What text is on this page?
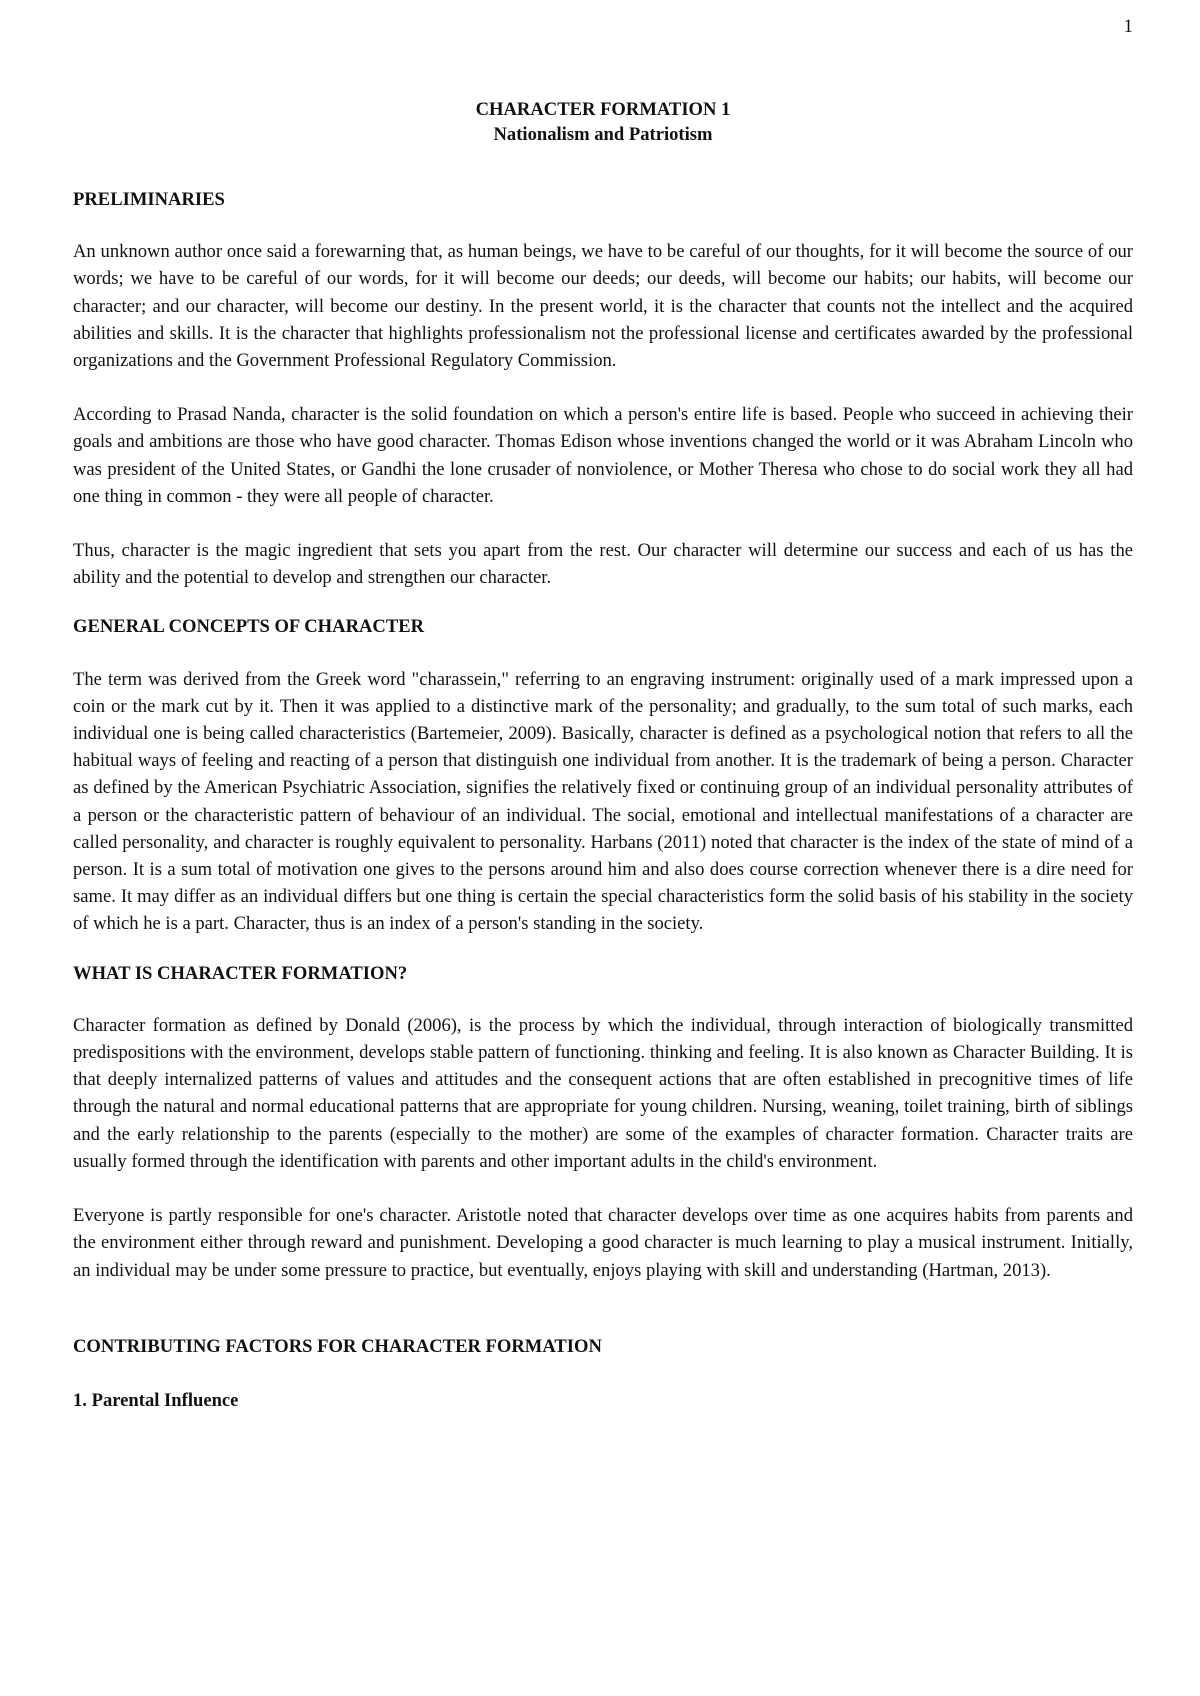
1
CHARACTER FORMATION 1
Nationalism and Patriotism
PRELIMINARIES

An unknown author once said a forewarning that, as human beings, we have to be careful of our thoughts, for it will become the source of our words; we have to be careful of our words, for it will become our deeds; our deeds, will become our habits; our habits, will become our character; and our character, will become our destiny. In the present world, it is the character that counts not the intellect and the acquired abilities and skills. It is the character that highlights professionalism not the professional license and certificates awarded by the professional organizations and the Government Professional Regulatory Commission.

According to Prasad Nanda, character is the solid foundation on which a person's entire life is based. People who succeed in achieving their goals and ambitions are those who have good character. Thomas Edison whose inventions changed the world or it was Abraham Lincoln who was president of the United States, or Gandhi the lone crusader of nonviolence, or Mother Theresa who chose to do social work they all had one thing in common - they were all people of character.

Thus, character is the magic ingredient that sets you apart from the rest. Our character will determine our success and each of us has the ability and the potential to develop and strengthen our character.

GENERAL CONCEPTS OF CHARACTER

The term was derived from the Greek word "charassein," referring to an engraving instrument: originally used of a mark impressed upon a coin or the mark cut by it. Then it was applied to a distinctive mark of the personality; and gradually, to the sum total of such marks, each individual one is being called characteristics (Bartemeier, 2009). Basically, character is defined as a psychological notion that refers to all the habitual ways of feeling and reacting of a person that distinguish one individual from another. It is the trademark of being a person. Character as defined by the American Psychiatric Association, signifies the relatively fixed or continuing group of an individual personality attributes of a person or the characteristic pattern of behaviour of an individual. The social, emotional and intellectual manifestations of a character are called personality, and character is roughly equivalent to personality. Harbans (2011) noted that character is the index of the state of mind of a person. It is a sum total of motivation one gives to the persons around him and also does course correction whenever there is a dire need for same. It may differ as an individual differs but one thing is certain the special characteristics form the solid basis of his stability in the society of which he is a part. Character, thus is an index of a person's standing in the society.

WHAT IS CHARACTER FORMATION?

Character formation as defined by Donald (2006), is the process by which the individual, through interaction of biologically transmitted predispositions with the environment, develops stable pattern of functioning. thinking and feeling. It is also known as Character Building. It is that deeply internalized patterns of values and attitudes and the consequent actions that are often established in precognitive times of life through the natural and normal educational patterns that are appropriate for young children. Nursing, weaning, toilet training, birth of siblings and the early relationship to the parents (especially to the mother) are some of the examples of character formation. Character traits are usually formed through the identification with parents and other important adults in the child's environment.

Everyone is partly responsible for one's character. Aristotle noted that character develops over time as one acquires habits from parents and the environment either through reward and punishment. Developing a good character is much learning to play a musical instrument. Initially, an individual may be under some pressure to practice, but eventually, enjoys playing with skill and understanding (Hartman, 2013).

CONTRIBUTING FACTORS FOR CHARACTER FORMATION
1. Parental Influence
